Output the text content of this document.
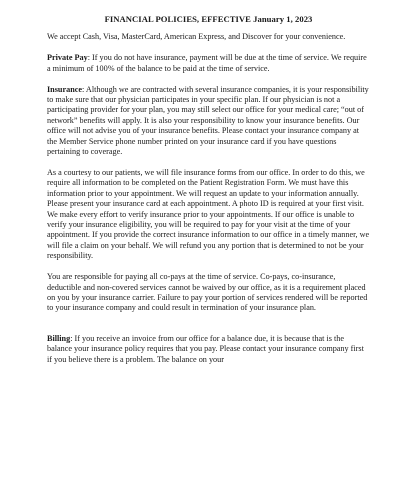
FINANCIAL POLICIES, EFFECTIVE January 1, 2023

We accept Cash, Visa, MasterCard, American Express, and Discover for your convenience.

Private Pay: If you do not have insurance, payment will be due at the time of service. We require a minimum of 100% of the balance to be paid at the time of service.

Insurance: Although we are contracted with several insurance companies, it is your responsibility to make sure that our physician participates in your specific plan. If our physician is not a participating provider for your plan, you may still select our office for your medical care; “out of network” benefits will apply. It is also your responsibility to know your insurance benefits. Our office will not advise you of your insurance benefits. Please contact your insurance company at the Member Service phone number printed on your insurance card if you have questions pertaining to coverage.

As a courtesy to our patients, we will file insurance forms from our office. In order to do this, we require all information to be completed on the Patient Registration Form. We must have this information prior to your appointment. We will request an update to your information annually. Please present your insurance card at each appointment. A photo ID is required at your first visit. We make every effort to verify insurance prior to your appointments. If our office is unable to verify your insurance eligibility, you will be required to pay for your visit at the time of your appointment. If you provide the correct insurance information to our office in a timely manner, we will file a claim on your behalf. We will refund you any portion that is determined to not be your responsibility.

You are responsible for paying all co-pays at the time of service. Co-pays, co-insurance, deductible and non-covered services cannot be waived by our office, as it is a requirement placed on you by your insurance carrier. Failure to pay your portion of services rendered will be reported to your insurance company and could result in termination of your insurance plan.

Billing: If you receive an invoice from our office for a balance due, it is because that is the balance your insurance policy requires that you pay. Please contact your insurance company first if you believe there is a problem. The balance on your
